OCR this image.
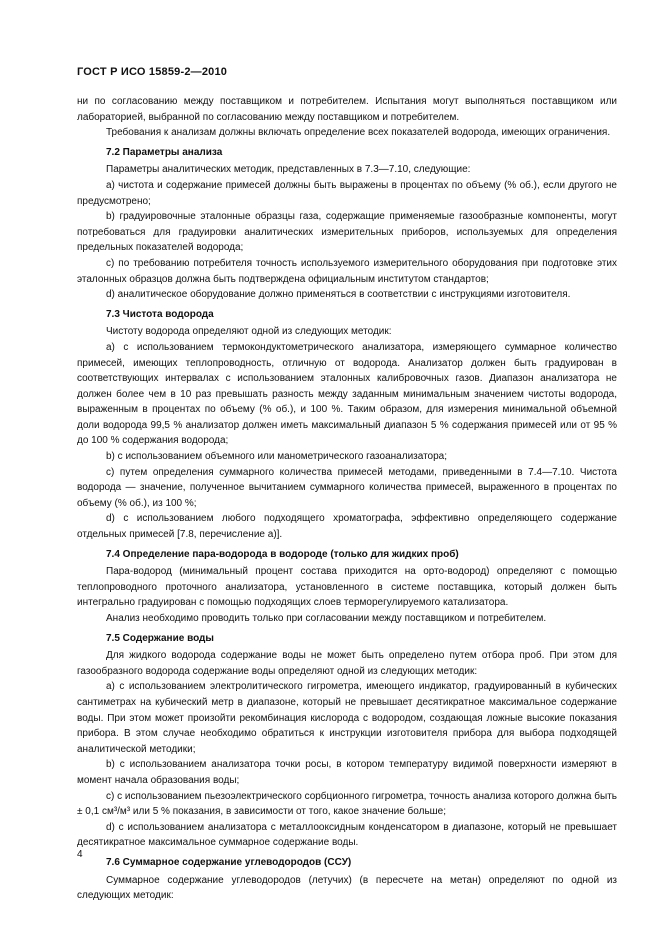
ГОСТ Р ИСО 15859-2—2010

ни по согласованию между поставщиком и потребителем. Испытания могут выполняться поставщиком или лабораторией, выбранной по согласованию между поставщиком и потребителем.

Требования к анализам должны включать определение всех показателей водорода, имеющих ограничения.

7.2 Параметры анализа

Параметры аналитических методик, представленных в 7.3—7.10, следующие:

a) чистота и содержание примесей должны быть выражены в процентах по объему (% об.), если другого не предусмотрено;

b) градуировочные эталонные образцы газа, содержащие применяемые газообразные компоненты, могут потребоваться для градуировки аналитических измерительных приборов, используемых для определения предельных показателей водорода;

c) по требованию потребителя точность используемого измерительного оборудования при подготовке этих эталонных образцов должна быть подтверждена официальным институтом стандартов;

d) аналитическое оборудование должно применяться в соответствии с инструкциями изготовителя.

7.3 Чистота водорода

Чистоту водорода определяют одной из следующих методик:

a) с использованием термокондуктометрического анализатора, измеряющего суммарное количество примесей, имеющих теплопроводность, отличную от водорода. Анализатор должен быть градуирован в соответствующих интервалах с использованием эталонных калибровочных газов. Диапазон анализатора не должен более чем в 10 раз превышать разность между заданным минимальным значением чистоты водорода, выраженным в процентах по объему (% об.), и 100 %. Таким образом, для измерения минимальной объемной доли водорода 99,5 % анализатор должен иметь максимальный диапазон 5 % содержания примесей или от 95 % до 100 % содержания водорода;

b) с использованием объемного или манометрического газоанализатора;

c) путем определения суммарного количества примесей методами, приведенными в 7.4—7.10. Чистота водорода — значение, полученное вычитанием суммарного количества примесей, выраженного в процентах по объему (% об.), из 100 %;

d) с использованием любого подходящего хроматографа, эффективно определяющего содержание отдельных примесей [7.8, перечисление а)].

7.4 Определение пара-водорода в водороде (только для жидких проб)

Пара-водород (минимальный процент состава приходится на орто-водород) определяют с помощью теплопроводного проточного анализатора, установленного в системе поставщика, который должен быть интегрально градуирован с помощью подходящих слоев терморегулируемого катализатора.

Анализ необходимо проводить только при согласовании между поставщиком и потребителем.

7.5 Содержание воды

Для жидкого водорода содержание воды не может быть определено путем отбора проб. При этом для газообразного водорода содержание воды определяют одной из следующих методик:

a) с использованием электролитического гигрометра, имеющего индикатор, градуированный в кубических сантиметрах на кубический метр в диапазоне, который не превышает десятикратное максимальное содержание воды. При этом может произойти рекомбинация кислорода с водородом, создающая ложные высокие показания прибора. В этом случае необходимо обратиться к инструкции изготовителя прибора для выбора подходящей аналитической методики;

b) с использованием анализатора точки росы, в котором температуру видимой поверхности измеряют в момент начала образования воды;

c) с использованием пьезоэлектрического сорбционного гигрометра, точность анализа которого должна быть ± 0,1 см³/м³ или 5 % показания, в зависимости от того, какое значение больше;

d) с использованием анализатора с металлооксидным конденсатором в диапазоне, который не превышает десятикратное максимальное суммарное содержание воды.

7.6 Суммарное содержание углеводородов (ССУ)

Суммарное содержание углеводородов (летучих) (в пересчете на метан) определяют по одной из следующих методик:

4
